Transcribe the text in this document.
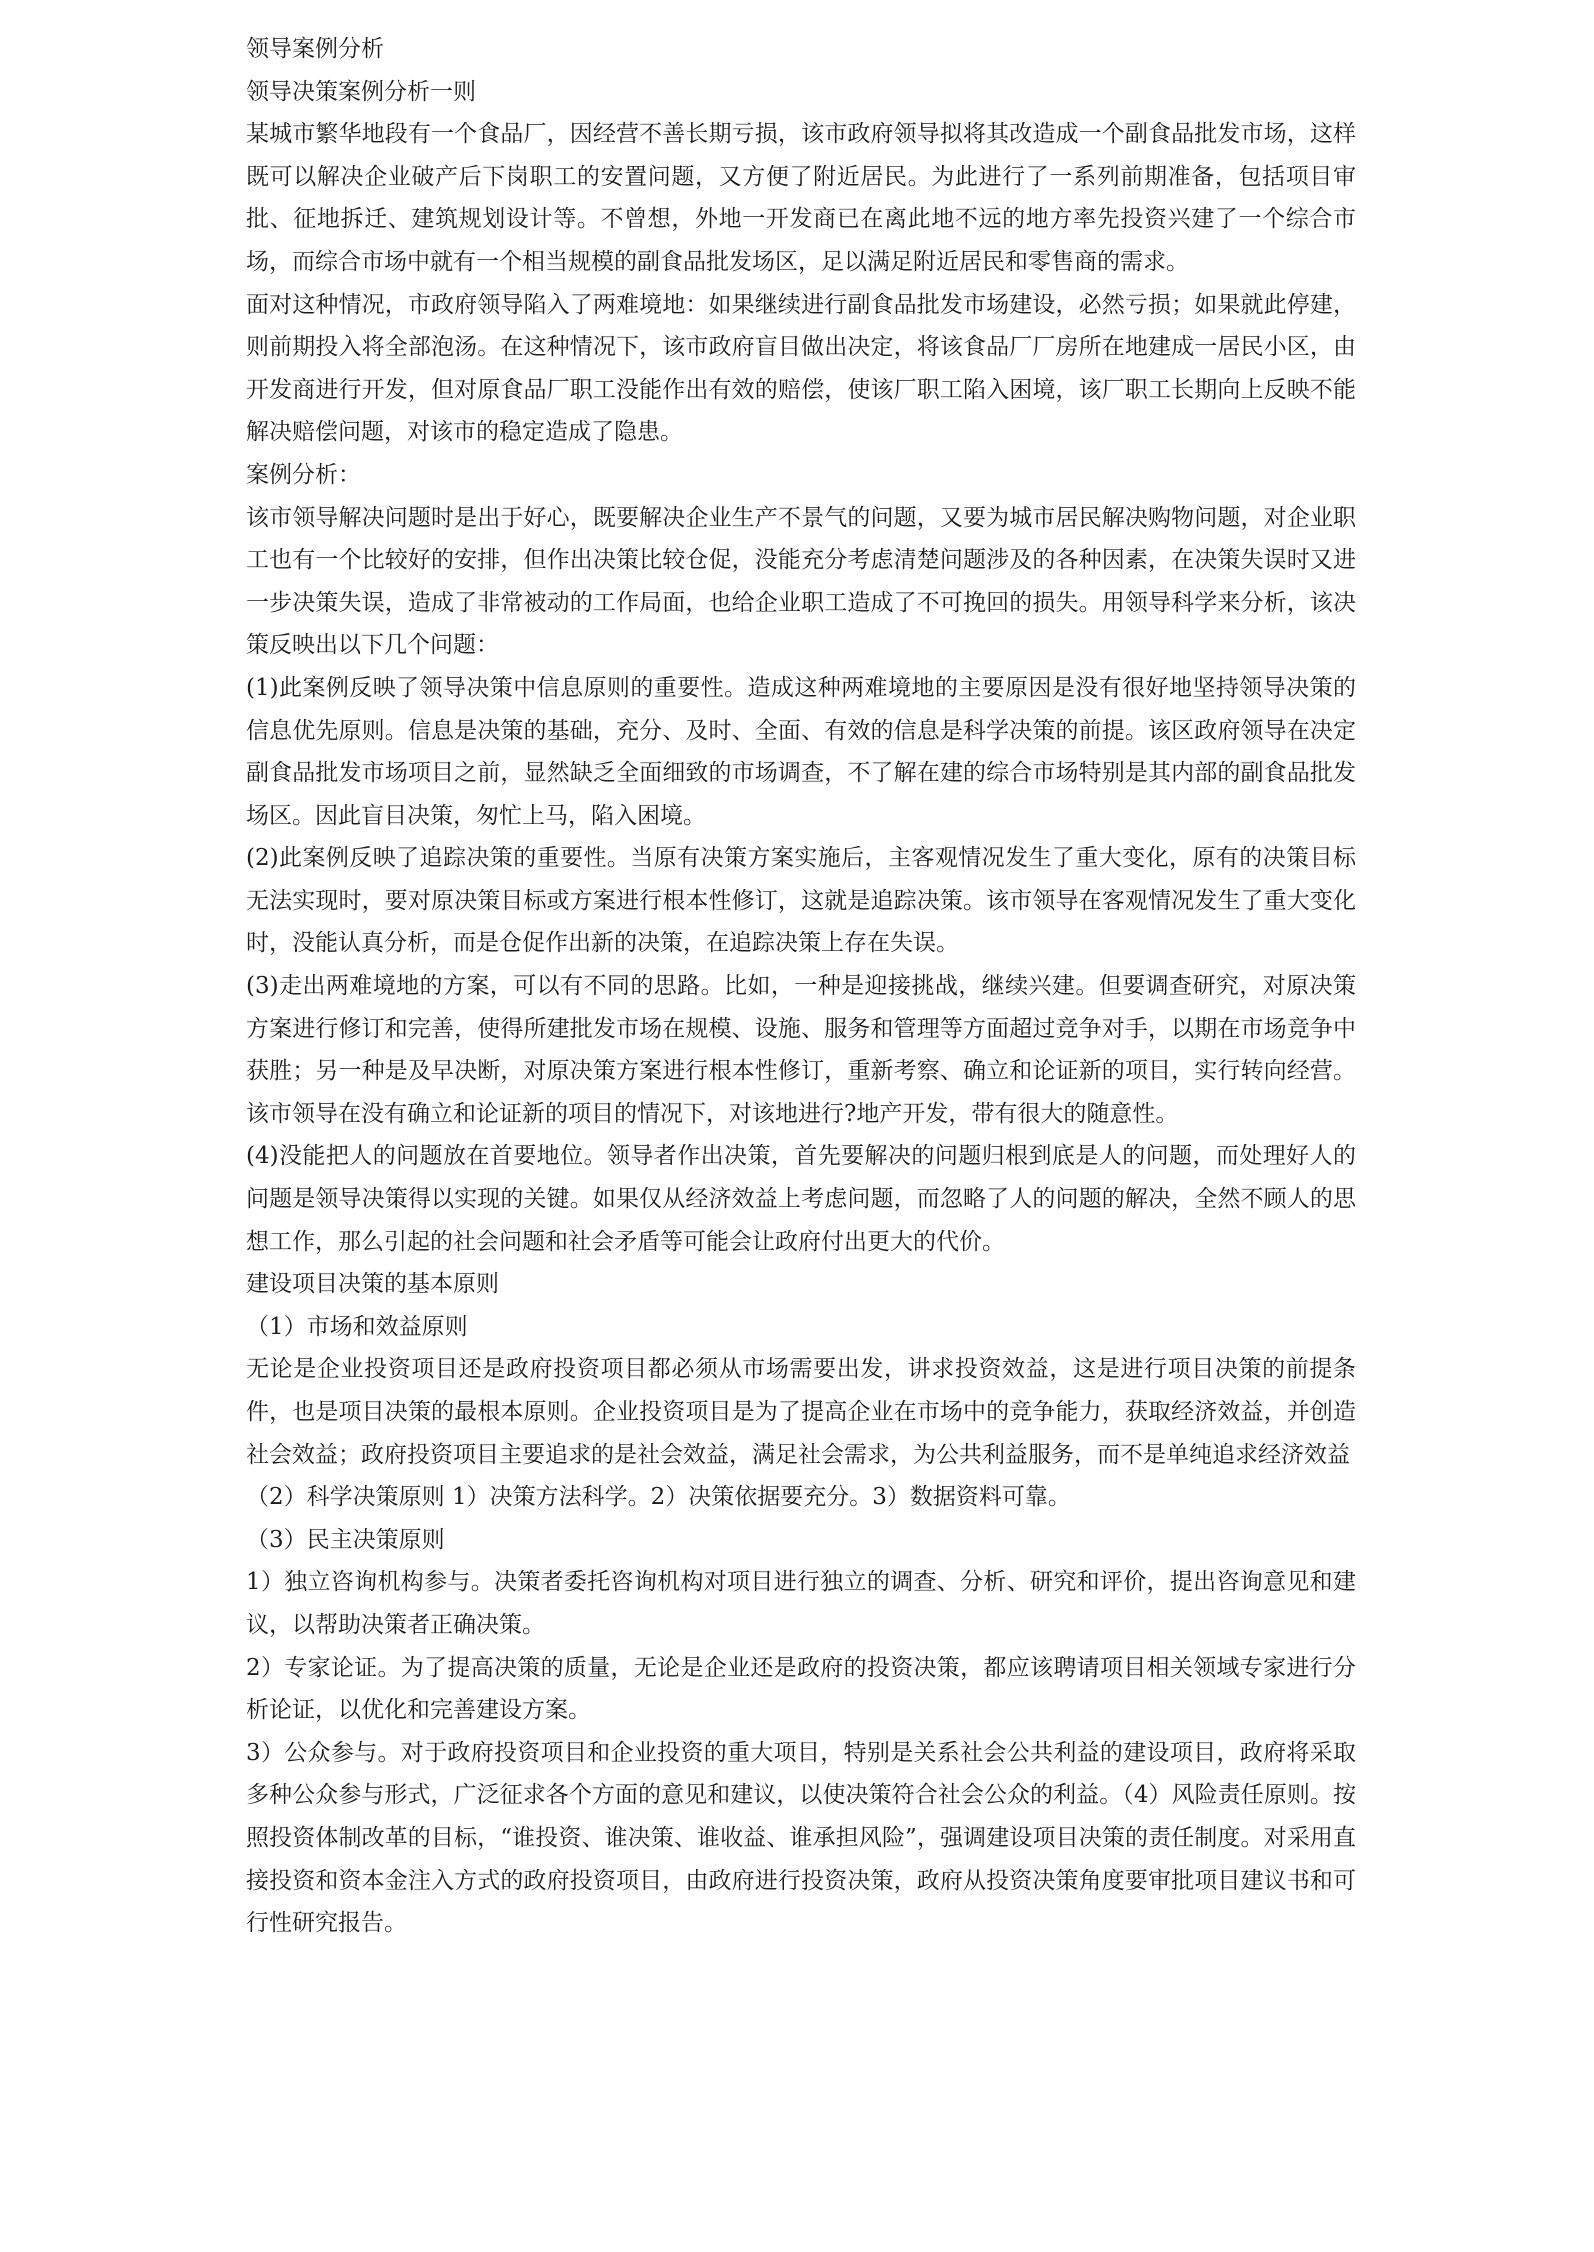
领导案例分析

领导决策案例分析一则

某城市繁华地段有一个食品厂，因经营不善长期亏损，该市政府领导拟将其改造成一个副食品批发市场，这样既可以解决企业破产后下岗职工的安置问题，又方便了附近居民。为此进行了一系列前期准备，包括项目审批、征地拆迁、建筑规划设计等。不曾想，外地一开发商已在离此地不远的地方率先投资兴建了一个综合市场，而综合市场中就有一个相当规模的副食品批发场区，足以满足附近居民和零售商的需求。

面对这种情况，市政府领导陷入了两难境地：如果继续进行副食品批发市场建设，必然亏损；如果就此停建，则前期投入将全部泡汤。在这种情况下，该市政府盲目做出决定，将该食品厂厂房所在地建成一居民小区，由开发商进行开发，但对原食品厂职工没能作出有效的赔偿，使该厂职工陷入困境，该厂职工长期向上反映不能解决赔偿问题，对该市的稳定造成了隐患。

案例分析：

该市领导解决问题时是出于好心，既要解决企业生产不景气的问题，又要为城市居民解决购物问题，对企业职工也有一个比较好的安排，但作出决策比较仓促，没能充分考虑清楚问题涉及的各种因素，在决策失误时又进一步决策失误，造成了非常被动的工作局面，也给企业职工造成了不可挽回的损失。用领导科学来分析，该决策反映出以下几个问题：

(1)此案例反映了领导决策中信息原则的重要性。造成这种两难境地的主要原因是没有很好地坚持领导决策的信息优先原则。信息是决策的基础，充分、及时、全面、有效的信息是科学决策的前提。该区政府领导在决定副食品批发市场项目之前，显然缺乏全面细致的市场调查，不了解在建的综合市场特别是其内部的副食品批发场区。因此盲目决策，匆忙上马，陷入困境。

(2)此案例反映了追踪决策的重要性。当原有决策方案实施后，主客观情况发生了重大变化，原有的决策目标无法实现时，要对原决策目标或方案进行根本性修订，这就是追踪决策。该市领导在客观情况发生了重大变化时，没能认真分析，而是仓促作出新的决策，在追踪决策上存在失误。

(3)走出两难境地的方案，可以有不同的思路。比如，一种是迎接挑战，继续兴建。但要调查研究，对原决策方案进行修订和完善，使得所建批发市场在规模、设施、服务和管理等方面超过竞争对手，以期在市场竞争中获胜；另一种是及早决断，对原决策方案进行根本性修订，重新考察、确立和论证新的项目，实行转向经营。该市领导在没有确立和论证新的项目的情况下，对该地进行?地产开发，带有很大的随意性。

(4)没能把人的问题放在首要地位。领导者作出决策，首先要解决的问题归根到底是人的问题，而处理好人的问题是领导决策得以实现的关键。如果仅从经济效益上考虑问题，而忽略了人的问题的解决，全然不顾人的思想工作，那么引起的社会问题和社会矛盾等可能会让政府付出更大的代价。

建设项目决策的基本原则

（1）市场和效益原则

无论是企业投资项目还是政府投资项目都必须从市场需要出发，讲求投资效益，这是进行项目决策的前提条件，也是项目决策的最根本原则。企业投资项目是为了提高企业在市场中的竞争能力，获取经济效益，并创造社会效益；政府投资项目主要追求的是社会效益，满足社会需求，为公共利益服务，而不是单纯追求经济效益

（2）科学决策原则 1）决策方法科学。2）决策依据要充分。3）数据资料可靠。

（3）民主决策原则

1）独立咨询机构参与。决策者委托咨询机构对项目进行独立的调查、分析、研究和评价，提出咨询意见和建议，以帮助决策者正确决策。

2）专家论证。为了提高决策的质量，无论是企业还是政府的投资决策，都应该聘请项目相关领域专家进行分析论证，以优化和完善建设方案。

3）公众参与。对于政府投资项目和企业投资的重大项目，特别是关系社会公共利益的建设项目，政府将采取多种公众参与形式，广泛征求各个方面的意见和建议，以使决策符合社会公众的利益。（4）风险责任原则。按照投资体制改革的目标，“谁投资、谁决策、谁收益、谁承担风险”，强调建设项目决策的责任制度。对采用直接投资和资本金注入方式的政府投资项目，由政府进行投资决策，政府从投资决策角度要审批项目建议书和可行性研究报告。
